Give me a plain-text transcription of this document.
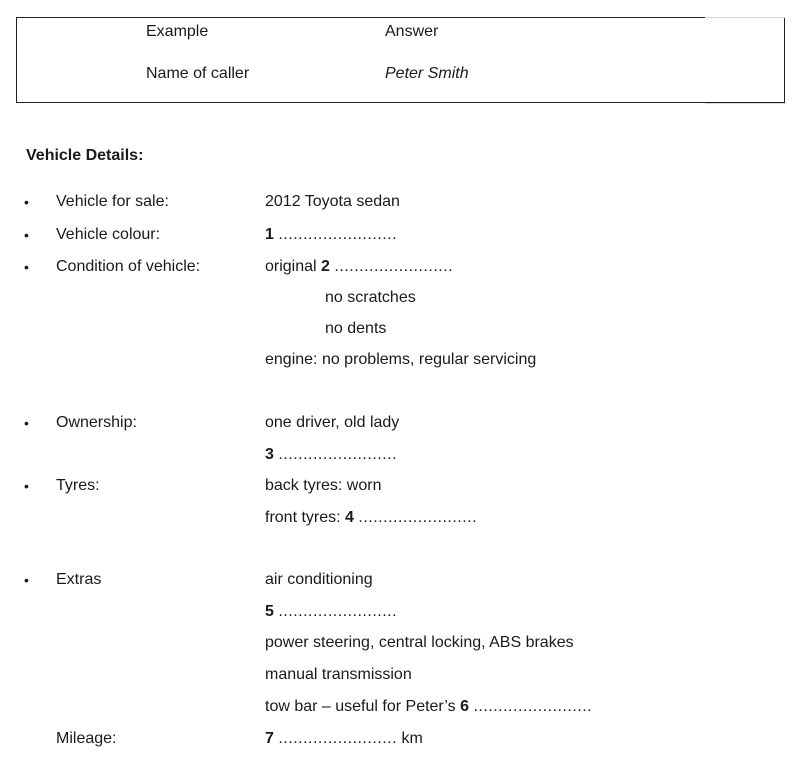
Example	Answer
Name of caller	Peter Smith
Vehicle Details:
• Vehicle for sale:	2012 Toyota sedan
• Vehicle colour:	1 ........................
• Condition of vehicle:	original 2 ........................
no scratches
no dents
engine: no problems, regular servicing
• Ownership:	one driver, old lady
3 ........................
• Tyres:	back tyres: worn
front tyres: 4 ........................
• Extras	air conditioning
5 ........................
power steering, central locking, ABS brakes
manual transmission
tow bar – useful for Peter’s 6 ........................
Mileage:	7 ........................ km
